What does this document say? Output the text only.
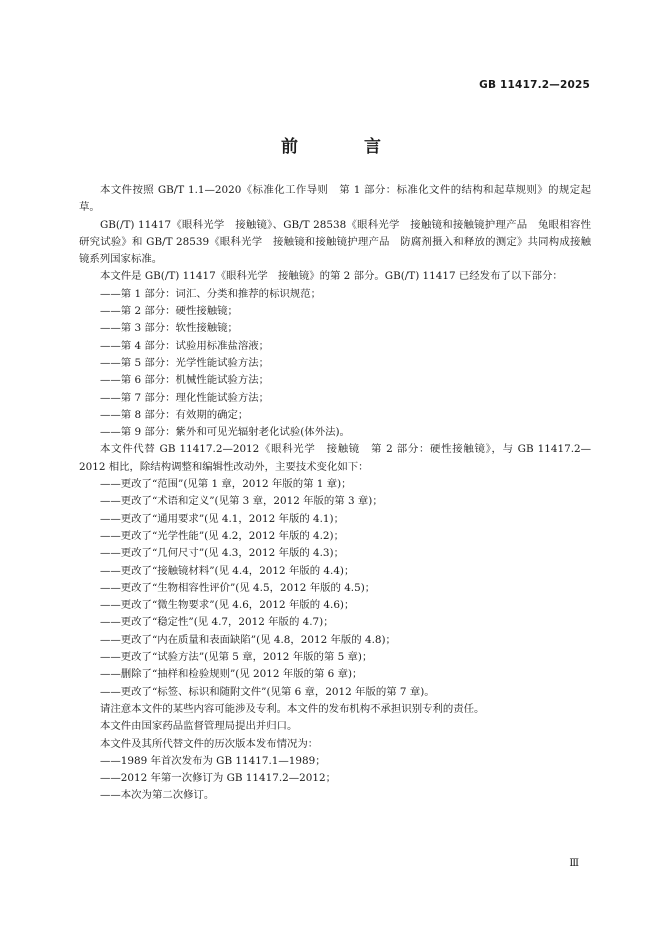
GB 11417.2—2025
前 言

本文件按照 GB/T 1.1—2020《标准化工作导则　第 1 部分：标准化文件的结构和起草规则》的规定起草。

GB(/T) 11417《眼科光学　接触镜》、GB/T 28538《眼科光学　接触镜和接触镜护理产品　兔眼相容性研究试验》和 GB/T 28539《眼科光学　接触镜和接触镜护理产品　防腐剂摄入和释放的测定》共同构成接触镜系列国家标准。

本文件是 GB(/T) 11417《眼科光学　接触镜》的第 2 部分。GB(/T) 11417 已经发布了以下部分：

——第 1 部分：词汇、分类和推荐的标识规范；

——第 2 部分：硬性接触镜；

——第 3 部分：软性接触镜；

——第 4 部分：试验用标准盐溶液；

——第 5 部分：光学性能试验方法；

——第 6 部分：机械性能试验方法；

——第 7 部分：理化性能试验方法；

——第 8 部分：有效期的确定；

——第 9 部分：紫外和可见光辐射老化试验(体外法)。

本文件代替 GB 11417.2—2012《眼科光学　接触镜　第 2 部分：硬性接触镜》，与 GB 11417.2—2012 相比，除结构调整和编辑性改动外，主要技术变化如下：

——更改了“范围”(见第 1 章，2012 年版的第 1 章)；

——更改了“术语和定义”(见第 3 章，2012 年版的第 3 章)；

——更改了“通用要求”(见 4.1，2012 年版的 4.1)；

——更改了“光学性能”(见 4.2，2012 年版的 4.2)；

——更改了“几何尺寸”(见 4.3，2012 年版的 4.3)；

——更改了“接触镜材料”(见 4.4，2012 年版的 4.4)；

——更改了“生物相容性评价”(见 4.5，2012 年版的 4.5)；

——更改了“微生物要求”(见 4.6，2012 年版的 4.6)；

——更改了“稳定性”(见 4.7，2012 年版的 4.7)；

——更改了“内在质量和表面缺陷”(见 4.8，2012 年版的 4.8)；

——更改了“试验方法”(见第 5 章，2012 年版的第 5 章)；

——删除了“抽样和检验规则”(见 2012 年版的第 6 章)；

——更改了“标签、标识和随附文件”(见第 6 章，2012 年版的第 7 章)。

请注意本文件的某些内容可能涉及专利。本文件的发布机构不承担识别专利的责任。

本文件由国家药品监督管理局提出并归口。

本文件及其所代替文件的历次版本发布情况为：

——1989 年首次发布为 GB 11417.1—1989；

——2012 年第一次修订为 GB 11417.2—2012；

——本次为第二次修订。

Ⅲ
